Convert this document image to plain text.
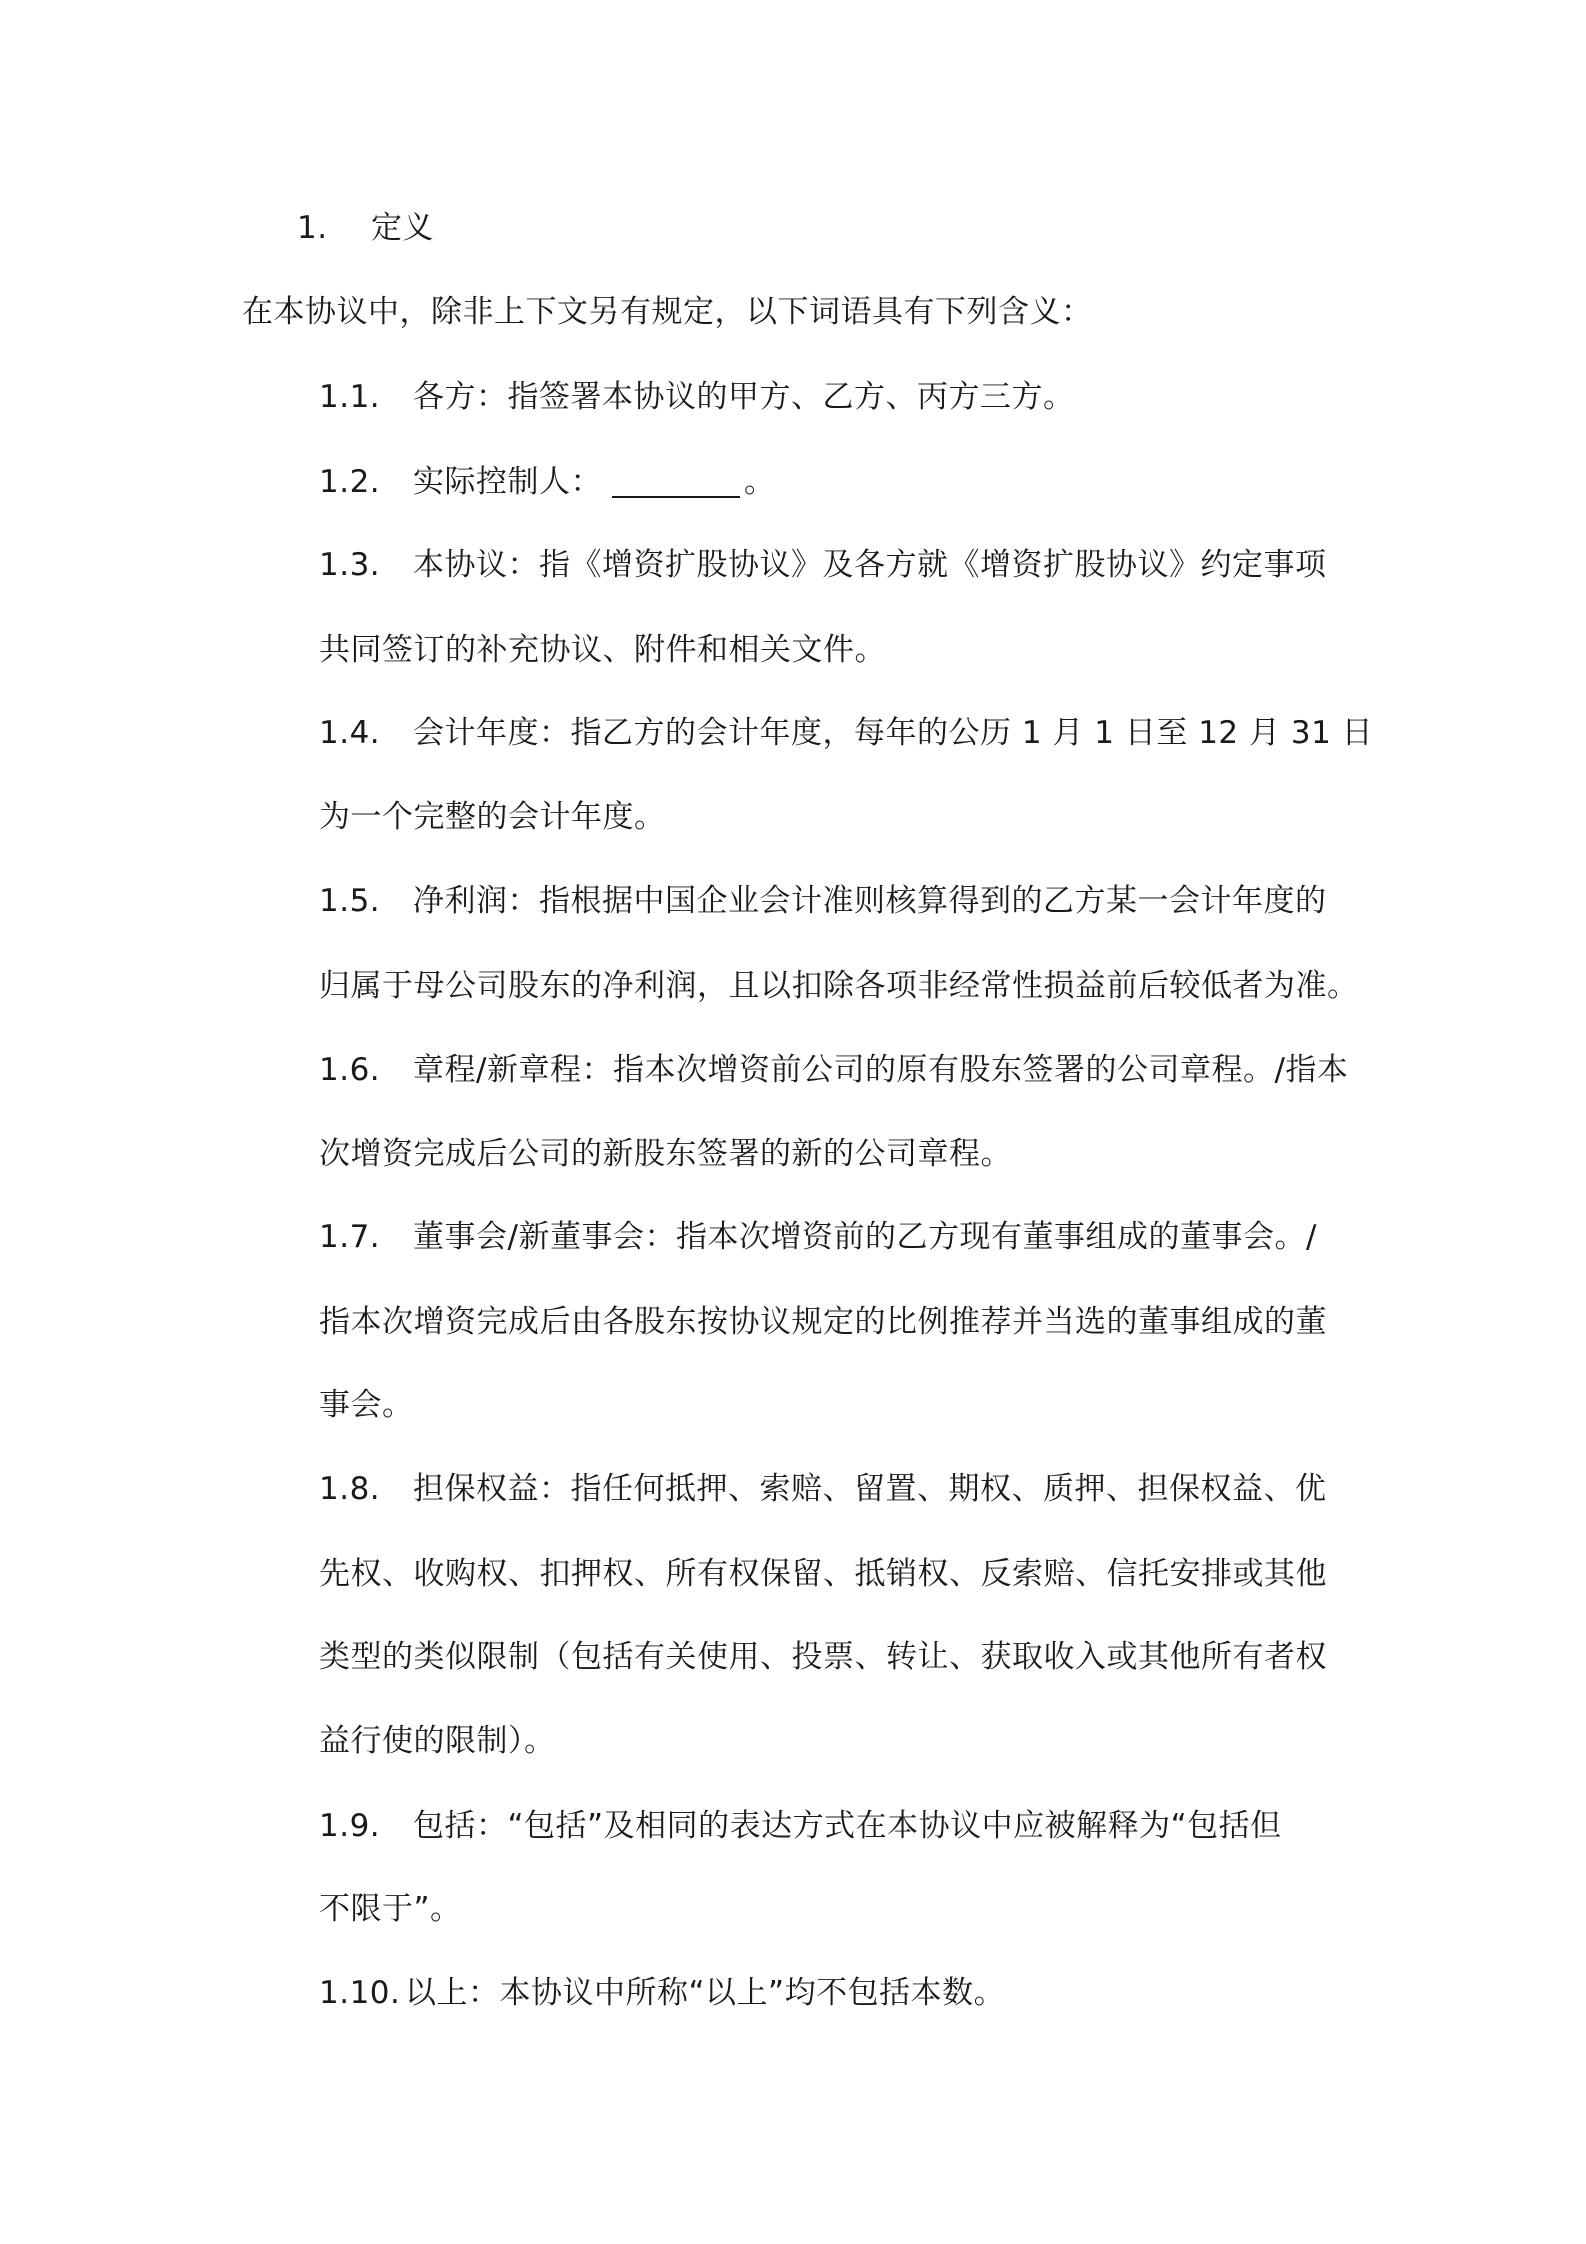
1. 定义
在本协议中，除非上下文另有规定，以下词语具有下列含义：
1.1. 各方：指签署本协议的甲方、乙方、丙方三方。
1.2. 实际控制人：	。
1.3. 本协议：指《增资扩股协议》及各方就《增资扩股协议》约定事项
共同签订的补充协议、附件和相关文件。
1.4. 会计年度：指乙方的会计年度，每年的公历 1 月 1 日至 12 月 31 日
为一个完整的会计年度。
1.5. 净利润：指根据中国企业会计准则核算得到的乙方某一会计年度的
归属于母公司股东的净利润，且以扣除各项非经常性损益前后较低者为准。
1.6. 章程/新章程：指本次增资前公司的原有股东签署的公司章程。/指本
次增资完成后公司的新股东签署的新的公司章程。
1.7. 董事会/新董事会：指本次增资前的乙方现有董事组成的董事会。/
指本次增资完成后由各股东按协议规定的比例推荐并当选的董事组成的董
事会。
1.8. 担保权益：指任何抵押、索赔、留置、期权、质押、担保权益、优
先权、收购权、扣押权、所有权保留、抵销权、反索赔、信托安排或其他
类型的类似限制（包括有关使用、投票、转让、获取收入或其他所有者权
益行使的限制）。
1.9. 包括：“包括”及相同的表达方式在本协议中应被解释为“包括但
不限于”。
1.10. 以上：本协议中所称“以上”均不包括本数。
